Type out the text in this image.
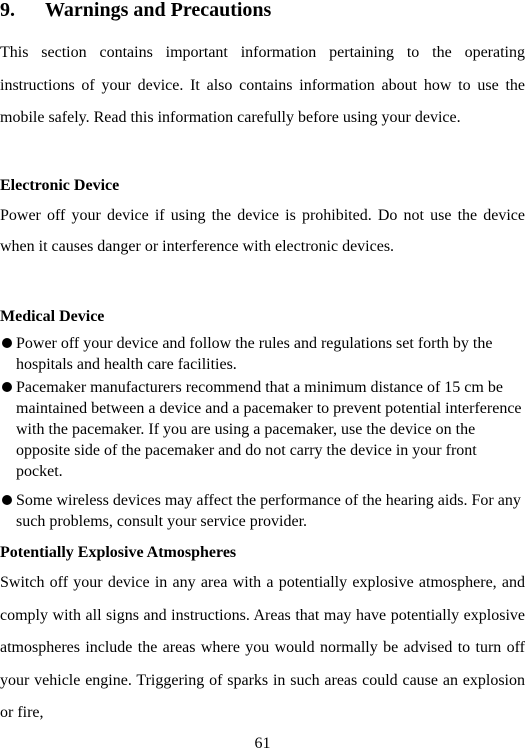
9. Warnings and Precautions

This section contains important information pertaining to the operating instructions of your device. It also contains information about how to use the mobile safely. Read this information carefully before using your device.

Electronic Device

Power off your device if using the device is prohibited. Do not use the device when it causes danger or interference with electronic devices.

Medical Device
Power off your device and follow the rules and regulations set forth by the hospitals and health care facilities.
Pacemaker manufacturers recommend that a minimum distance of 15 cm be maintained between a device and a pacemaker to prevent potential interference with the pacemaker. If you are using a pacemaker, use the device on the opposite side of the pacemaker and do not carry the device in your front pocket.
Some wireless devices may affect the performance of the hearing aids. For any such problems, consult your service provider.
Potentially Explosive Atmospheres

Switch off your device in any area with a potentially explosive atmosphere, and comply with all signs and instructions. Areas that may have potentially explosive atmospheres include the areas where you would normally be advised to turn off your vehicle engine. Triggering of sparks in such areas could cause an explosion or fire,

61
